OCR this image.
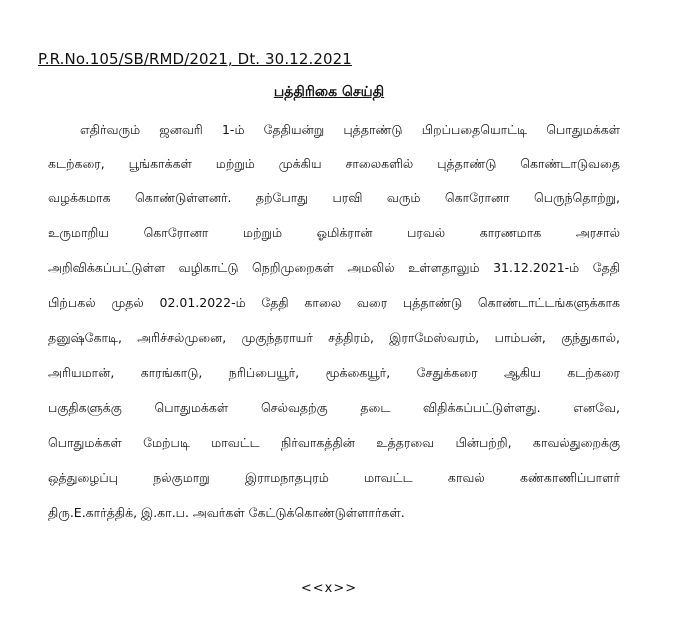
P.R.No.105/SB/RMD/2021, Dt. 30.12.2021
பத்திரிகை செய்தி
எதிர்வரும் ஜனவரி 1-ம் தேதியன்று புத்தாண்டு பிறப்பதையொட்டி பொதுமக்கள்
கடற்கரை, பூங்காக்கள் மற்றும் முக்கிய சாலைகளில் புத்தாண்டு கொண்டாடுவதை
வழக்கமாக கொண்டுள்ளனர். தற்போது பரவி வரும் கொரோனா பெருந்தொற்று,
உருமாறிய கொரோனா மற்றும் ஓமிக்ரான் பரவல் காரணமாக அரசால்
அறிவிக்கப்பட்டுள்ள வழிகாட்டு நெறிமுறைகள் அமலில் உள்ளதாலும் 31.12.2021-ம் தேதி
பிற்பகல் முதல் 02.01.2022-ம் தேதி காலை வரை புத்தாண்டு கொண்டாட்டங்களுக்காக
தனுஷ்கோடி, அரிச்சல்முனை, முகுந்தராயர் சத்திரம், இராமேஸ்வரம், பாம்பன், குந்துகால்,
அரியமான், காரங்காடு, நரிப்பையூர், மூக்கையூர், சேதுக்கரை ஆகிய கடற்கரை
பகுதிகளுக்கு பொதுமக்கள் செல்வதற்கு தடை விதிக்கப்பட்டுள்ளது. எனவே,
பொதுமக்கள் மேற்படி மாவட்ட நிர்வாகத்தின் உத்தரவை பின்பற்றி, காவல்துறைக்கு
ஒத்துழைப்பு நல்குமாறு இராமநாதபுரம் மாவட்ட காவல் கண்காணிப்பாளர்
திரு.E.கார்த்திக், இ.கா.ப. அவர்கள் கேட்டுக்கொண்டுள்ளார்கள்.
<<x>>
